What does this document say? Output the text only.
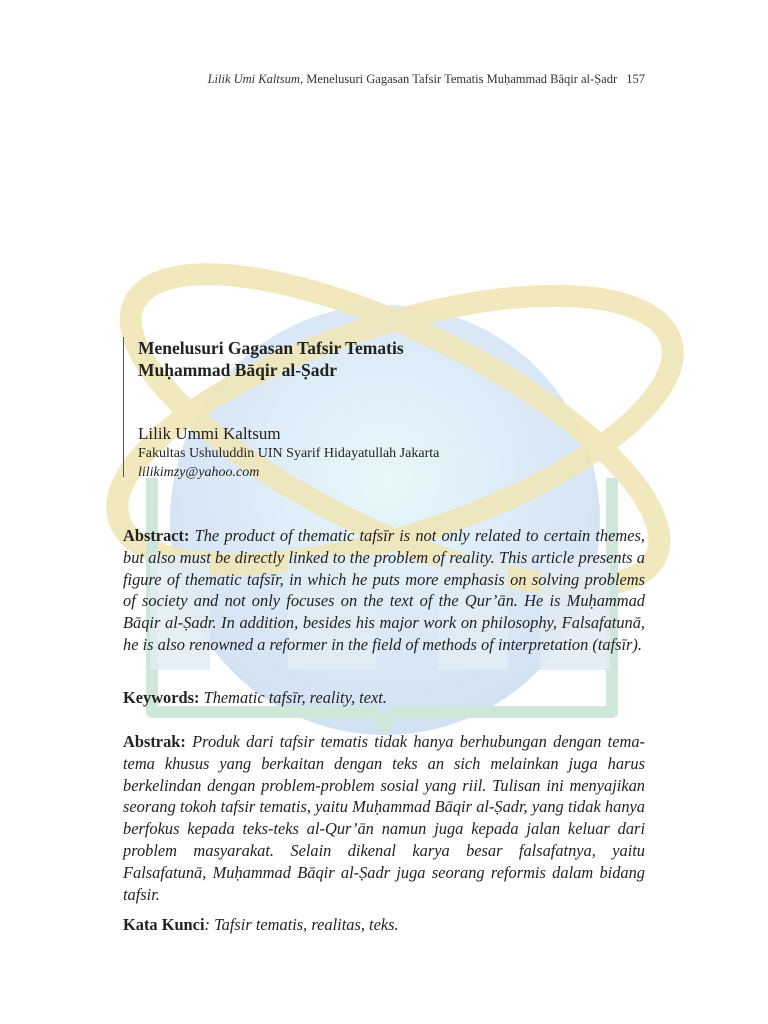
Lilik Umi Kaltsum, Menelusuri Gagasan Tafsir Tematis Muḥammad Bâqir al-Ṣadr 157
Menelusuri Gagasan Tafsir Tematis
Muḥammad Bāqir al-Ṣadr
Lilik Ummi Kaltsum
Fakultas Ushuluddin UIN Syarif Hidayatullah Jakarta
lilikimzy@yahoo.com
Abstract: The product of thematic tafsīr is not only related to certain themes, but also must be directly linked to the problem of reality. This article presents a figure of thematic tafsīr, in which he puts more emphasis on solving problems of society and not only focuses on the text of the Qur’ān. He is Muḥammad Bāqir al-Ṣadr. In addition, besides his major work on philosophy, Falsafatunā, he is also renowned a reformer in the field of methods of interpretation (tafsīr).
Keywords: Thematic tafsīr, reality, text.
Abstrak: Produk dari tafsir tematis tidak hanya berhubungan dengan tema-tema khusus yang berkaitan dengan teks an sich melainkan juga harus berkelindan dengan problem-problem sosial yang riil. Tulisan ini menyajikan seorang tokoh tafsir tematis, yaitu Muḥammad Bāqir al-Ṣadr, yang tidak hanya berfokus kepada teks-teks al-Qur’ān namun juga kepada jalan keluar dari problem masyarakat. Selain dikenal karya besar falsafatnya, yaitu Falsafatunā, Muḥammad Bāqir al-Ṣadr juga seorang reformis dalam bidang tafsir.
Kata Kunci: Tafsir tematis, realitas, teks.
